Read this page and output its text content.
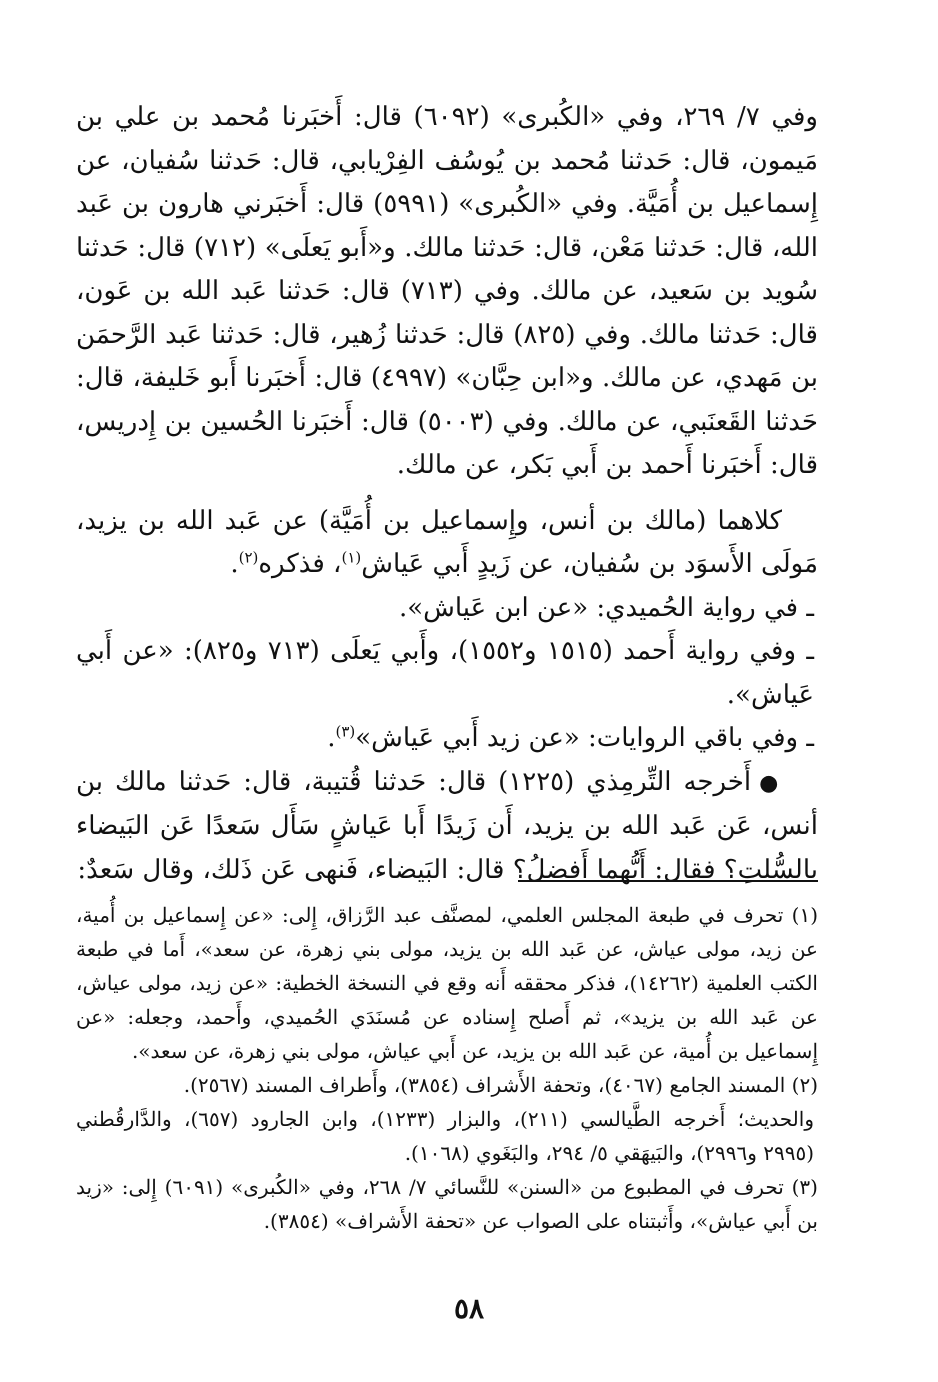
وفي ٧/ ٢٦٩، وفي «الكُبرى» (٦٠٩٢) قال: أَخبَرنا مُحمد بن علي بن مَيمون، قال: حَدثنا مُحمد بن يُوسُف الفِرْيابي، قال: حَدثنا سُفيان، عن إِسماعيل بن أُمَيَّة. وفي «الكُبرى» (٥٩٩١) قال: أَخبَرني هارون بن عَبد الله، قال: حَدثنا مَعْن، قال: حَدثنا مالك. و«أَبو يَعلَى» (٧١٢) قال: حَدثنا سُويد بن سَعيد، عن مالك. وفي (٧١٣) قال: حَدثنا عَبد الله بن عَون، قال: حَدثنا مالك. وفي (٨٢٥) قال: حَدثنا زُهير، قال: حَدثنا عَبد الرَّحمَن بن مَهدي، عن مالك. و«ابن حِبَّان» (٤٩٩٧) قال: أَخبَرنا أَبو خَليفة، قال: حَدثنا القَعنَبي، عن مالك. وفي (٥٠٠٣) قال: أَخبَرنا الحُسين بن إِدريس، قال: أَخبَرنا أَحمد بن أَبي بَكر، عن مالك.

كلاهما (مالك بن أنس، وإِسماعيل بن أُمَيَّة) عن عَبد الله بن يزيد، مَولَى الأَسوَد بن سُفيان، عن زَيدٍ أَبي عَياش$^{(١)}$، فذكره$^{(٢)}$.

ـ في رواية الحُميدي: «عن ابن عَياش».

ـ وفي رواية أَحمد (١٥١٥ و١٥٥٢)، وأَبي يَعلَى (٧١٣ و٨٢٥): «عن أَبي عَياش».

ـ وفي باقي الروايات: «عن زيد أَبي عَياش»$^{(٣)}$.

●أَخرجه التِّرمِذي (١٢٢٥) قال: حَدثنا قُتيبة، قال: حَدثنا مالك بن أنس، عَن عَبد الله بن يزيد، أَن زَيدًا أَبا عَياشٍ سَأَل سَعدًا عَن البَيضاء بالسُّلتِ؟ فقال: أَيُّهما أَفضلُ؟ قال: البَيضاء، فَنهى عَن ذَلك، وقال سَعدٌ:

(١) تحرف في طبعة المجلس العلمي، لمصنَّف عبد الرَّزاق، إِلى: «عن إِسماعيل بن أُمية، عن زيد، مولى عياش، عن عَبد الله بن يزيد، مولى بني زهرة، عن سعد»، أَما في طبعة الكتب العلمية (١٤٢٦٢)، فذكر محققه أَنه وقع في النسخة الخطية: «عن زيد، مولى عياش، عن عَبد الله بن يزيد»، ثم أَصلح إِسناده عن مُسنَدَي الحُميدي، وأَحمد، وجعله: «عن إِسماعيل بن أُمية، عن عَبد الله بن يزيد، عن أَبي عياش، مولى بني زهرة، عن سعد».

(٢) المسند الجامع (٤٠٦٧)، وتحفة الأَشراف (٣٨٥٤)، وأَطراف المسند (٢٥٦٧).

والحديث؛ أَخرجه الطَّيالسي (٢١١)، والبزار (١٢٣٣)، وابن الجارود (٦٥٧)، والدَّارقُطني (٢٩٩٥ و٢٩٩٦)، والبَيهَقي ٥/ ٢٩٤، والبَغَوي (١٠٦٨).

(٣) تحرف في المطبوع من «السنن» للنَّسائي ٧/ ٢٦٨، وفي «الكُبرى» (٦٠٩١) إِلى: «زيد بن أَبي عياش»، وأَثبتناه على الصواب عن «تحفة الأَشراف» (٣٨٥٤).

٥٨
